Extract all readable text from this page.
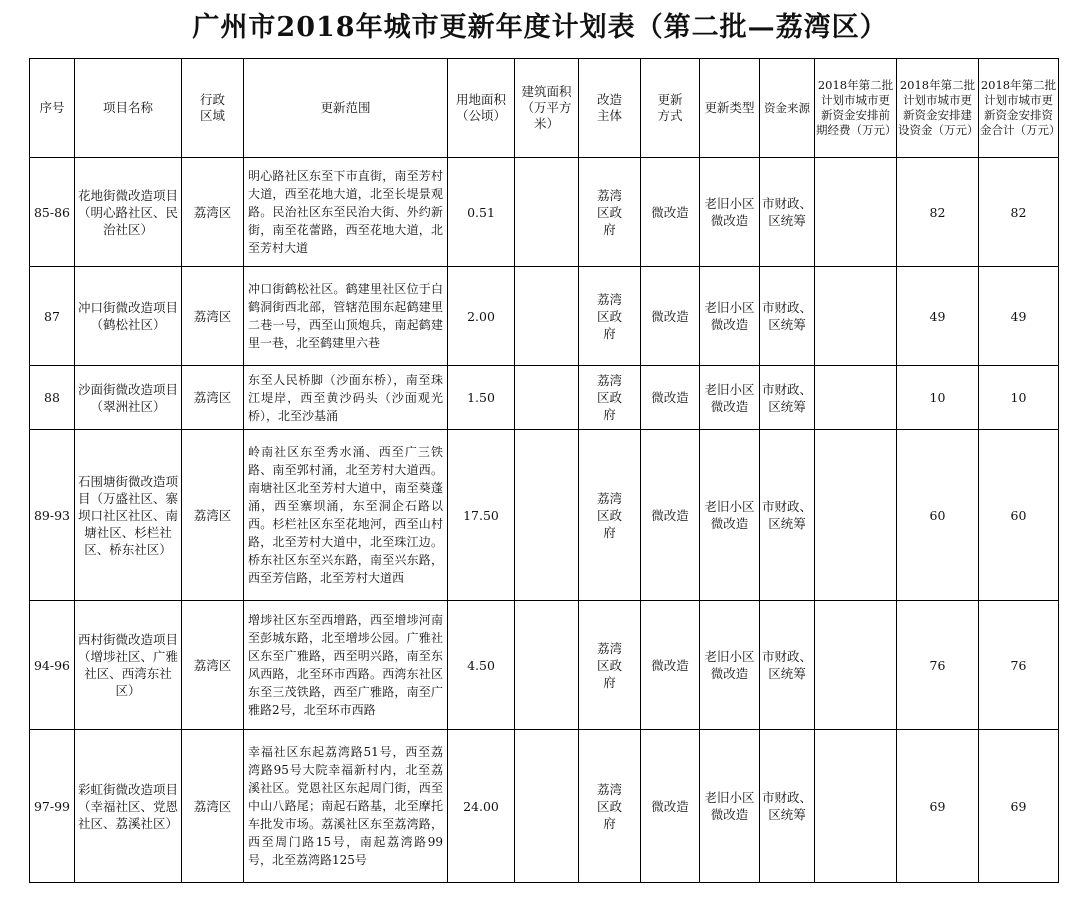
广州市2018年城市更新年度计划表（第二批—荔湾区）
序号	项目名称	行政区域	更新范围	用地面积（公顷）	建筑面积（万平方米）	改造主体	更新方式	更新类型	资金来源	2018年第二批计划市城市更新资金安排前期经费（万元）	2018年第二批计划市城市更新资金安排建设资金（万元）	2018年第二批计划市城市更新资金安排资金合计（万元）
85-86	花地街微改造项目（明心路社区、民治社区）	荔湾区	明心路社区东至下市直街，南至芳村大道，西至花地大道，北至长堤景观路。民治社区东至民治大街、外约新街，南至花蕾路，西至花地大道，北至芳村大道	0.51		荔湾区政府	微改造	老旧小区微改造	市财政、区统筹		82	82
87	冲口街微改造项目（鹤松社区）	荔湾区	冲口街鹤松社区。鹤建里社区位于白鹤洞街西北部，管辖范围东起鹤建里二巷一号，西至山顶炮兵，南起鹤建里一巷，北至鹤建里六巷	2.00		荔湾区政府	微改造	老旧小区微改造	市财政、区统筹		49	49
88	沙面街微改造项目（翠洲社区）	荔湾区	东至人民桥脚（沙面东桥），南至珠江堤岸，西至黄沙码头（沙面观光桥），北至沙基涌	1.50		荔湾区政府	微改造	老旧小区微改造	市财政、区统筹		10	10
89-93	石围塘街微改造项目（万盛社区、寨坝口社区社区、南塘社区、杉栏社区、桥东社区）	荔湾区	岭南社区东至秀水涌、西至广三铁路、南至郭村涌，北至芳村大道西。南塘社区北至芳村大道中，南至葵蓬涌，西至寨坝涌，东至洞企石路以西。杉栏社区东至花地河，西至山村路，北至芳村大道中，北至珠江边。桥东社区东至兴东路，南至兴东路，西至芳信路，北至芳村大道西	17.50		荔湾区政府	微改造	老旧小区微改造	市财政、区统筹		60	60
94-96	西村街微改造项目（增埗社区、广雅社区、西湾东社区）	荔湾区	增埗社区东至西增路，西至增埗河南至彭城东路，北至增埗公园。广雅社区东至广雅路，西至明兴路，南至东风西路，北至环市西路。西湾东社区东至三茂铁路，西至广雅路，南至广雅路2号，北至环市西路	4.50		荔湾区政府	微改造	老旧小区微改造	市财政、区统筹		76	76
97-99	彩虹街微改造项目（幸福社区、党恩社区、荔溪社区）	荔湾区	幸福社区东起荔湾路51号，西至荔湾路95号大院幸福新村内，北至荔溪社区。党恩社区东起周门街，西至中山八路尾；南起石路基，北至摩托车批发市场。荔溪社区东至荔湾路，西至周门路15号，南起荔湾路99号，北至荔湾路125号	24.00		荔湾区政府	微改造	老旧小区微改造	市财政、区统筹		69	69
